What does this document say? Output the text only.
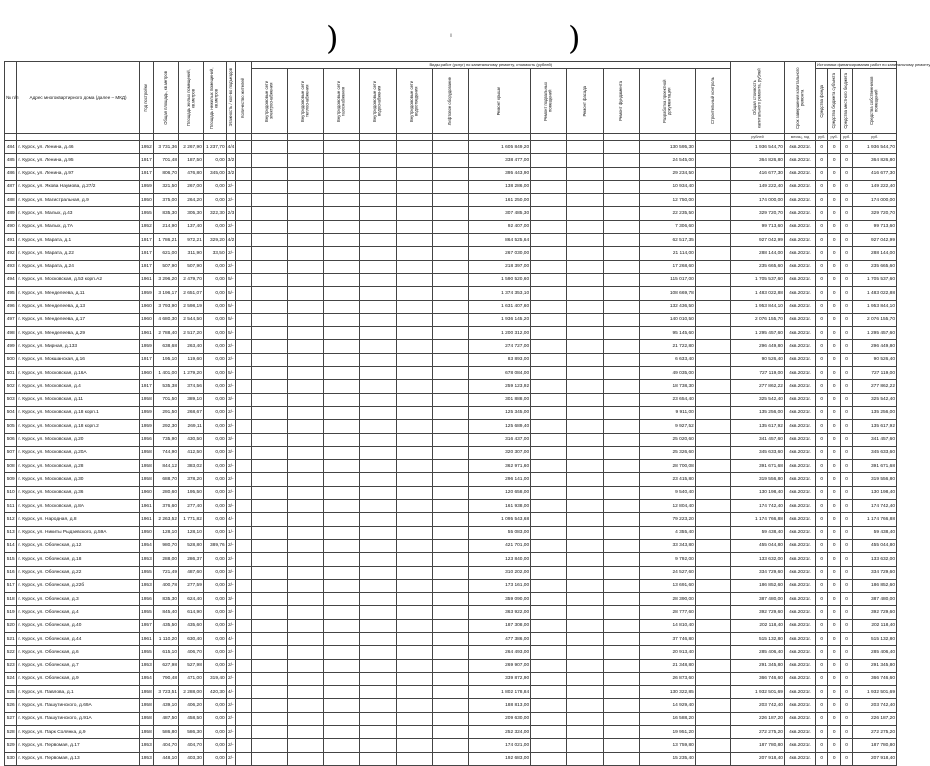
)	ii	)
№ п/п	Адрес многоквартирного дома (далее – МКД)	Год постройки	Общая площадь, кв.метров	Площадь жилых помещений, кв.метров	Площадь нежилых помещений, кв.метров	Этажность / кол-во подъездов	Количество жителей	Виды работ (услуг) по капитальному ремонту, стоимость (рублей)												Общая стоимость капитального ремонта, рублей	Срок завершения капитального ремонта	Источники финансирования работ по капитальному ремонту			

								Внутридомовые сети электроснабжения	Внутридомовые сети теплоснабжения	Внутридомовые сети газоснабжения	Внутридомовые сети водоснабжения	Внутридомовые сети водоотведения	Лифтовое оборудование	Ремонт крыши	Ремонт подвальных помещений	Ремонт фасада	Ремонт фундамента	Разработка проектной документации	Строительный контроль			Средства фонда	Средства бюджета субъекта	Средства местного бюджета	Средства собственников помещений

																				рублей	месяц, год	руб.	руб.	руб.	руб.
484	г. Курск, ул. Ленина, д.46	1952	3 731,36	2 267,90	1 237,70	4/4								1 605 849,20				130 595,30		1 936 544,70	4кв.2021г.	0	0	0	1 936 544,70
485	г. Курск, ул. Ленина, д.95	1917	701,48	187,50	0,00	3/2								338 477,00				24 545,00		364 826,80	4кв.2021г.	0	0	0	364 826,80
486	г. Курск, ул. Ленина, д.97	1917	806,70	476,80	345,00	3/2								395 443,90				29 234,50		416 677,30	4кв.2021г.	0	0	0	416 677,30
487	г. Курск, ул. Якова Наумова, д.27/2	1959	321,50	267,00	0,00	2/-								138 286,00				10 934,40		149 222,40	4кв.2021г.	0	0	0	149 222,40
488	г. Курск, ул. Магистральная, д.9	1950	375,00	264,20	0,00	2/-								161 250,00				12 750,00		174 000,00	4кв.2021г.	0	0	0	174 000,00
489	г. Курск, ул. Малых, д.43	1955	835,30	305,30	322,30	2/3								307 485,30				22 235,50		329 720,70	4кв.2021г.	0	0	0	329 720,70
490	г. Курск, ул. Малых, д.7А	1952	214,90	137,40	0,00	2/-								92 407,00				7 306,60		99 713,60	4кв.2021г.	0	0	0	99 713,60
491	г. Курск, ул. Марата, д.1	1917	1 786,21	972,21	329,20	4/2								864 525,64				62 517,35		927 042,99	4кв.2021г.	0	0	0	927 042,99
492	г. Курск, ул. Марата, д.22	1917	621,00	311,90	33,50	2/-								267 030,00				21 114,00		288 144,00	4кв.2021г.	0	0	0	288 144,00
493	г. Курск, ул. Марата, д.24	1917	507,90	507,90	0,00	2/-								218 397,00				17 268,60		235 665,60	4кв.2021г.	0	0	0	235 665,60
494	г. Курск, ул. Московская, д.53 корп.А2	1961	3 296,20	2 479,70	0,00	5/-								1 590 520,60				115 017,00		1 705 537,60	4кв.2021г.	0	0	0	1 705 537,60
495	г. Курск, ул. Менделеева, д.11	1959	3 196,17	2 651,07	0,00	5/-								1 374 353,10				108 669,78		1 483 022,88	4кв.2021г.	0	0	0	1 483 022,88
496	г. Курск, ул. Менделеева, д.13	1960	3 793,90	2 598,19	0,00	5/-								1 631 407,60				132 436,50		1 953 844,10	4кв.2021г.	0	0	0	1 953 844,10
497	г. Курск, ул. Менделеева, д.17	1960	4 680,30	2 544,50	0,00	5/-								1 936 145,20				140 010,50		2 076 155,70	4кв.2021г.	0	0	0	2 076 155,70
498	г. Курск, ул. Менделеева, д.29	1961	2 788,40	2 517,20	0,00	5/-								1 200 312,00				95 145,60		1 295 457,60	4кв.2021г.	0	0	0	1 295 457,60
499	г. Курск, ул. Мирная, д.133	1959	638,68	263,40	0,00	2/-								274 727,00				21 722,80		296 449,80	4кв.2021г.	0	0	0	296 449,80
500	г. Курск, ул. Мокшанская, д.16	1917	195,10	119,60	0,00	2/-								83 893,00				6 633,40		90 526,40	4кв.2021г.	0	0	0	90 526,40
501	г. Курск, ул. Московская, д.16А	1960	1 401,00	1 279,20	0,00	5/-								678 084,00				49 035,00		727 119,00	4кв.2021г.	0	0	0	727 119,00
502	г. Курск, ул. Московская, д.4	1917	535,38	374,56	0,00	2/-								259 123,92				18 738,30		277 862,22	4кв.2021г.	0	0	0	277 862,22
503	г. Курск, ул. Московская, д.11	1958	701,50	389,10	0,00	3/-								301 888,00				23 654,40		325 542,40	4кв.2021г.	0	0	0	325 542,40
504	г. Курск, ул. Московская, д.18 корп.1	1959	291,50	268,67	0,00	2/-								125 345,00				9 911,00		135 256,00	4кв.2021г.	0	0	0	135 256,00
505	г. Курск, ул. Московская, д.18 корп.2	1959	292,30	269,11	0,00	2/-								125 689,40				9 927,52		135 617,92	4кв.2021г.	0	0	0	135 617,92
506	г. Курск, ул. Московская, д.20	1956	735,90	430,50	0,00	3/-								316 437,00				25 020,60		341 457,60	4кв.2021г.	0	0	0	341 457,60
507	г. Курск, ул. Московская, д.20А	1958	744,90	412,50	0,00	3/-								320 307,00				25 326,60		345 633,60	4кв.2021г.	0	0	0	345 633,60
508	г. Курск, ул. Московская, д.28	1958	844,12	383,02	0,00	2/-								362 971,60				28 700,08		391 671,68	4кв.2021г.	0	0	0	391 671,68
509	г. Курск, ул. Московская, д.30	1958	688,70	378,20	0,00	2/-								296 141,00				23 415,80		319 556,80	4кв.2021г.	0	0	0	319 556,80
510	г. Курск, ул. Московская, д.36	1960	280,60	195,50	0,00	2/-								120 658,00				9 540,40		130 198,40	4кв.2021г.	0	0	0	130 198,40
511	г. Курск, ул. Московская, д.8А	1961	376,60	277,40	0,00	3/-								161 938,00				12 804,40		174 742,40	4кв.2021г.	0	0	0	174 742,40
512	г. Курск, ул. Народная, д.8	1961	2 263,52	1 771,82	0,00	4/-								1 095 543,68				79 223,20		1 174 766,88	4кв.2021г.	0	0	0	1 174 766,88
513	г. Курск, ул. Никиты Рыдзевского, д.59А	1950	128,10	128,10	0,00	1/-								55 083,00				4 355,40		59 438,40	4кв.2021г.	0	0	0	59 438,40
514	г. Курск, ул. Обоянская, д.12	1954	980,70	528,80	389,76	2/-								421 701,00				33 343,80		455 044,80	4кв.2021г.	0	0	0	455 044,80
515	г. Курск, ул. Обоянская, д.18	1953	288,00	286,37	0,00	2/-								123 840,00				9 792,00		133 632,00	4кв.2021г.	0	0	0	133 632,00
516	г. Курск, ул. Обоянская, д.22	1955	721,49	487,60	0,00	3/-								310 202,00				24 527,60		334 729,60	4кв.2021г.	0	0	0	334 729,60
517	г. Курск, ул. Обоянская, д.22б	1953	400,78	277,59	0,00	2/-								173 161,00				13 691,60		186 852,60	4кв.2021г.	0	0	0	186 852,60
518	г. Курск, ул. Обоянская, д.3	1956	835,30	624,40	0,00	3/-								359 090,00				28 390,00		387 480,00	4кв.2021г.	0	0	0	387 480,00
519	г. Курск, ул. Обоянская, д.4	1955	845,40	614,90	0,00	3/-								363 922,00				28 777,60		392 729,60	4кв.2021г.	0	0	0	392 729,60
520	г. Курск, ул. Обоянская, д.40	1957	435,50	435,60	0,00	2/-								187 308,00				14 810,40		202 118,40	4кв.2021г.	0	0	0	202 118,40
521	г. Курск, ул. Обоянская, д.44	1961	1 110,20	630,40	0,00	4/-								477 386,00				37 746,80		515 132,80	4кв.2021г.	0	0	0	515 132,80
522	г. Курск, ул. Обоянская, д.6	1955	615,10	406,70	0,00	2/-								264 493,00				20 913,40		285 406,40	4кв.2021г.	0	0	0	285 406,40
523	г. Курск, ул. Обоянская, д.7	1953	627,98	527,98	0,00	2/-								269 907,00				21 348,80		291 345,80	4кв.2021г.	0	0	0	291 345,80
524	г. Курск, ул. Обоянская, д.9	1954	790,48	471,00	319,40	2/-								339 872,90				26 873,60		366 746,60	4кв.2021г.	0	0	0	366 746,60
525	г. Курск, ул. Павлова, д.1	1958	3 723,51	2 288,00	420,30	4/-								1 802 178,84				130 322,85		1 932 501,69	4кв.2021г.	0	0	0	1 932 501,69
526	г. Курск, ул. Пашутинского, д.69А	1958	439,10	406,20	0,00	2/-								188 813,00				14 929,40		203 742,40	4кв.2021г.	0	0	0	203 742,40
527	г. Курск, ул. Пашутинского, д.91А	1958	487,50	458,50	0,00	2/-								209 630,00				16 588,20		226 187,20	4кв.2021г.	0	0	0	226 187,20
528	г. Курск, ул. Парк Солянка, д.9	1958	586,80	586,30	0,00	2/-								252 324,00				19 951,20		272 275,20	4кв.2021г.	0	0	0	272 275,20
529	г. Курск, ул. Первомая, д.17	1953	404,70	404,70	0,00	2/-								174 021,00				13 759,80		187 780,80	4кв.2021г.	0	0	0	187 780,80
530	г. Курск, ул. Первомая, д.13	1953	448,10	403,30	0,00	2/-								192 683,00				15 235,40		207 918,40	4кв.2021г.	0	0	0	207 918,40
